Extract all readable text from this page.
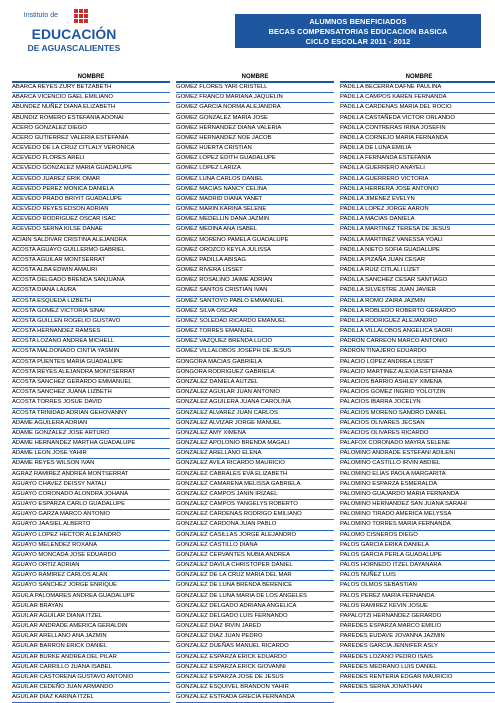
Instituto de
EDUCACIÓN
DE AGUASCALIENTES
ALUMNOS BENEFICIADOS
BECAS COMPENSATORIAS EDUCACION BASICA
CICLO ESCOLAR 2011 - 2012
NOMBRE
ABARCA REYES ZURY BETZABETH
ABARCA VICENCIO GAEL EMILIANO
ABUNDEZ NUÑEZ DIANA ELIZABETH
ABUNDIZ ROMERO ESTEFANIA ADONAI
ACERO GONZALEZ DIEGO
ACERO GUTIERREZ VALERIA ESTEFANIA
ACEVEDO DE LA CRUZ CITLALY VERONICA
ACEVEDO FLORES ARELI
ACEVEDO GONZALEZ MARIA GUADALUPE
ACEVEDO JUAREZ ERIK OMAR
ACEVEDO PEREZ MONICA DANIELA
ACEVEDO PRADO BRIYIT GUADALUPE
ACEVEDO REYES EDSON ADRIAN
ACEVEDO RODRIGUEZ OSCAR ISAC
ACEVEDO SERNA KILSE DANAE
ACIAIN SALDIVAR CRISTINA ALEJANDRA
ACOSTA AGUAYO GUILLERMO GABRIEL
ACOSTA AGUILAR MONTSERRAT
ACOSTA ALBA EDWIN AMAURI
ACOSTA DELGADO BRENDA SANJUANA
ACOSTA DIANA LAURA
ACOSTA ESQUEDA LIZBETH
ACOSTA GOMEZ VICTORIA SINAI
ACOSTA GUILLEN ROGELIO GUSTAVO
ACOSTA HERNANDEZ RAMSES
ACOSTA LOZANO ANDREA MICHELL
ACOSTA MALDONADO CINTIA YASMIN
ACOSTA PUENTES MARIA GUADALUPE
ACOSTA REYES ALEJANDRA MONTSERRAT
ACOSTA SANCHEZ GERARDO EMMANUEL
ACOSTA SANCHEZ JUANA LIZBETH
ACOSTA TORRES JOSUE DAVID
ACOSTA TRINIDAD ADRIAN GEHOVANNY
ADAME AGUILERA ADRIAN
ADAME GONZALEZ JOSE ARTURO
ADAME HERNANDEZ MARTHA GUADALUPE
ADAME LEON JOSE YAHIR
ADAME REYES WILSON IVAN
AGRAZ RAMIREZ ANDREA MONTSERRAT
AGUAYO CHAVEZ DEISSY NATALI
AGUAYO CORONADO ALONDRA JOHANA
AGUAYO ESPARZA CARLO GUADALUPE
AGUAYO GARZA MARCO ANTONIO
AGUAYO JAASIEL ALBERTO
AGUAYO LOPEZ HECTOR ALEJANDRO
AGUAYO MELENDEZ ROXANA
AGUAYO MONCADA JOSE EDUARDO
AGUAYO ORTIZ ADRIAN
AGUAYO RAMIREZ CARLOS ALAN
AGUAYO SANCHEZ JORGE ENRIQUE
AGUILA PALOMARES ANDREA GUADALUPE
AGUILAR BRAYAN
AGUILAR AGUILAR DIANA ITZEL
AGUILAR ANDRADE AMERICA GERALDIN
AGUILAR ARELLANO ANA JAZMIN
AGUILAR BARRON ERICK DANIEL
AGUILAR BURKE ANDREA DEL PILAR
AGUILAR CARRILLO JUANA ISABEL
AGUILAR CASTORENA GUSTAVO ANTONIO
AGUILAR CEDEÑO JUAN ARMANDO
AGUILAR DIAZ KARINA ITZEL
NOMBRE
GOMEZ FLORES YARI CRISTELL
GOMEZ FRANCO MARIANA JAQUELIN
GOMEZ GARCIA NORMA ALEJANDRA
GOMEZ GONZALEZ MARIA JOSE
GOMEZ HERNANDEZ DIANA VALERIA
GOMEZ HERNANDEZ NOE JACOB
GOMEZ HUERTA CRISTIAN
GOMEZ LOPEZ EDITH GUADALUPE
GOMEZ LOPEZ LARIZA
GOMEZ LUNA CARLOS DANIEL
GOMEZ MACIAS NANCY CELINA
GOMEZ MADRID DIANA YANET
GOMEZ MARIN KARINA SELENE
GOMEZ MEDELLIN DANA JAZMIN
GOMEZ MEDINA ANA ISABEL
GOMEZ MORENO PAMELA GUADALUPE
GOMEZ OROZCO KEYLA JULISSA
GOMEZ PADILLA ABISAG
GOMEZ RIVERA LISSET
GOMEZ ROSALINO JAIME ADRIAN
GOMEZ SANTOS CRISTIAN IVAN
GOMEZ SANTOYO PABLO EMMANUEL
GOMEZ SILVA OSCAR
GOMEZ SOLEDAD RICARDO EMANUEL
GOMEZ TORRES EMANUEL
GOMEZ VAZQUEZ BRENDA LUCIO
GOMEZ VILLALOBOS JOSEPH DE JESUS
GONGORA MACIAS GABRIELA
GONGORA RODRIGUEZ GABRIELA
GONZALEZ DANIELA AUTZEL
GONZALEZ AGUILAR JUAN ANTONIO
GONZALEZ AGUILERA JUANA CAROLINA
GONZALEZ ALVAREZ JUAN CARLOS
GONZALEZ ALVIZAR JORGE MANUEL
GONZALEZ AMY XIMENA
GONZALEZ APOLONIO BRENDA MAGALI
GONZALEZ ARELLANO ELENA
GONZALEZ AVILA RICARDO MAURICIO
GONZALEZ CABRALES EVA ELIZABETH
GONZALEZ CAMARENA MELISSA GABRIELA
GONZALEZ CAMPOS JANIN IRIZAEL
GONZALEZ CAMPOS YANGELYS ROBERTO
GONZALEZ CARDENAS RODRIGO EMILIANO
GONZALEZ CARDONA JUAN PABLO
GONZALEZ CASILLAS JORGE ALEJANDRO
GONZALEZ CASTILLO DIANA
GONZALEZ CERVANTES NUBIA ANDREA
GONZALEZ DAVILA CHRISTOPER DANIEL
GONZALEZ DE LA CRUZ MARIA DEL MAR
GONZALEZ DE LUNA BRENDA BERENICE
GONZALEZ DE LUNA MARIA DE LOS ANGELES
GONZALEZ DELGADO ADRIANA ANGELICA
GONZALEZ DELGADO LUIS FERNANDO
GONZALEZ DIAZ IRVIN JARED
GONZALEZ DIAZ JUAN PEDRO
GONZALEZ DUEÑAS MANUEL RICARDO
GONZALEZ ESPARZA ERICK EDUARDO
GONZALEZ ESPARZA ERICK GIOVANNI
GONZALEZ ESPARZA JOSE DE JESUS
GONZALEZ ESQUIVEL BRANDON YAHIR
GONZALEZ ESTRADA GRECIA FERNANDA
NOMBRE
PADILLA BECERRA DAFNE PAULINA
PADILLA CAMPOS KAREN FERNANDA
PADILLA CARDENAS MARIA DEL ROCIO
PADILLA CASTAÑEDA VICTOR ORLANDO
PADILLA CONTRERAS IRINA JOSEFIN
PADILLA CORNEJO MARIA FERNANDA
PADILLA DE LUNA EMILIA
PADILLA FERNANDA ESTEFANIA
PADILLA GUERRERO ANAYELI
PADILLA GUERRERO VICTORIA
PADILLA HERRERA JOSE ANTONIO
PADILLA JIMENEZ EVELYN
PADILLA LOPEZ JORGE AARON
PADILLA MACIAS DANIELA
PADILLA MARTINEZ TERESA DE JESUS
PADILLA MARTINEZ VANESSA YOALI
PADILLA NIETO SOFIA GUADALUPE
PADILLA PIZAÑA JUAN CESAR
PADILLA RUIZ CITLALI LIZET
PADILLA SANCHEZ CESAR SANTIAGO
PADILLA SILVESTRE JUAN JAVIER
PADILLA ROMO ZAIRA JAZMIN
PADILLA ROBLEDO ROBERTO GERARDO
PADILLA RODRIGUEZ ALEJANDRO
PADILLA VILLALOBOS ANGELICA SAORI
PADRON CARREON MARCO ANTONIO
PADRON TINAJERO EDUARDO
PALACIO LOPEZ ANDREA LISSET
PALACIO MARTINEZ ALEXIA ESTEFANIA
PALACIOS BARRIO ASHLEY XIMENA
PALACIOS GOMEZ INGRID YOLOTZIN
PALACIOS IBARRA JOCELYN
PALACIOS MORENO SANDRO DANIEL
PALACIOS OLIVARES JECSAN
PALACIOS OLIVARES RICARDO
PALAFOX CORONADO MAYRA SELENE
PALOMINO ANDRADE ESTEFANI ADILENI
PALOMINO CASTILLO IRVIN ABDIEL
PALOMINO ELIAS PAOLA MARGARITA
PALOMINO ESPARZA ESMERALDA
PALOMINO GUAJARDO MARIA FERNANDA
PALOMINO HERNANDEZ SAN JUANA SARAHI
PALOMINO TIRADO AMERICA MELYSSA
PALOMINO TORRES MARIA FERNANDA
PALOMO CISNEROS DIEGO
PALOS GARCIA ERIKA DANIELA
PALOS GARCIA PERLA GUADALUPE
PALOS HORNEDO ITZEL DAYANARA
PALOS NUÑEZ LUIS
PALOS OLMOS SEBASTIAN
PALOS PEREZ MARIA FERNANDA
PALOS RAMIREZ KEVIN JOSUE
PAPALOTZI HERNANDEZ GERARDO
PAREDES ESPARZA MARCO EMILIO
PAREDES EUDAVE JOVANNA JAZMIN
PAREDES GARCIA JENNIFER ASLY
PAREDES LOZANO PEDRO ISAIS
PAREDES MEDRANO LUIS DANIEL
PAREDES RENTERIA EDGAR MAURICIO
PAREDES SERNA JONATHAN
